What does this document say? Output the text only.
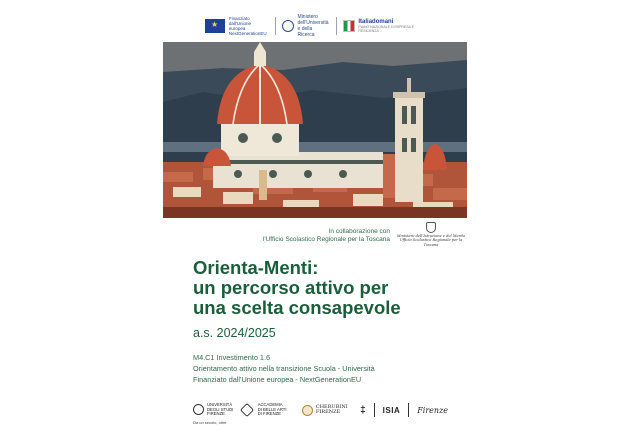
★
Finanziato
dall'Unione europea
NextGenerationEU
Ministero
dell'Università
e della Ricerca
Italiadomani
PIANO NAZIONALE DI RIPRESA E RESILIENZA
In collaborazione con
l'Ufficio Scolastico Regionale per la Toscana Ministero dell'Istruzione e del Merito
Ufficio Scolastico Regionale per la Toscana
Orienta-Menti:
un percorso attivo per
una scelta consapevole
a.s. 2024/2025
M4.C1 Investimento 1.6
Orientamento attivo nella transizione Scuola - Università
Finanziato dall'Unione europea - NextGenerationEU
UNIVERSITÀ
DEGLI STUDI
FIRENZE
Da un secolo, oltre.
ACCADEMIA
DI BELLE ARTI
DI FIRENZE
CHERUBINI
FIRENZE	‡ ISIA Firenze
